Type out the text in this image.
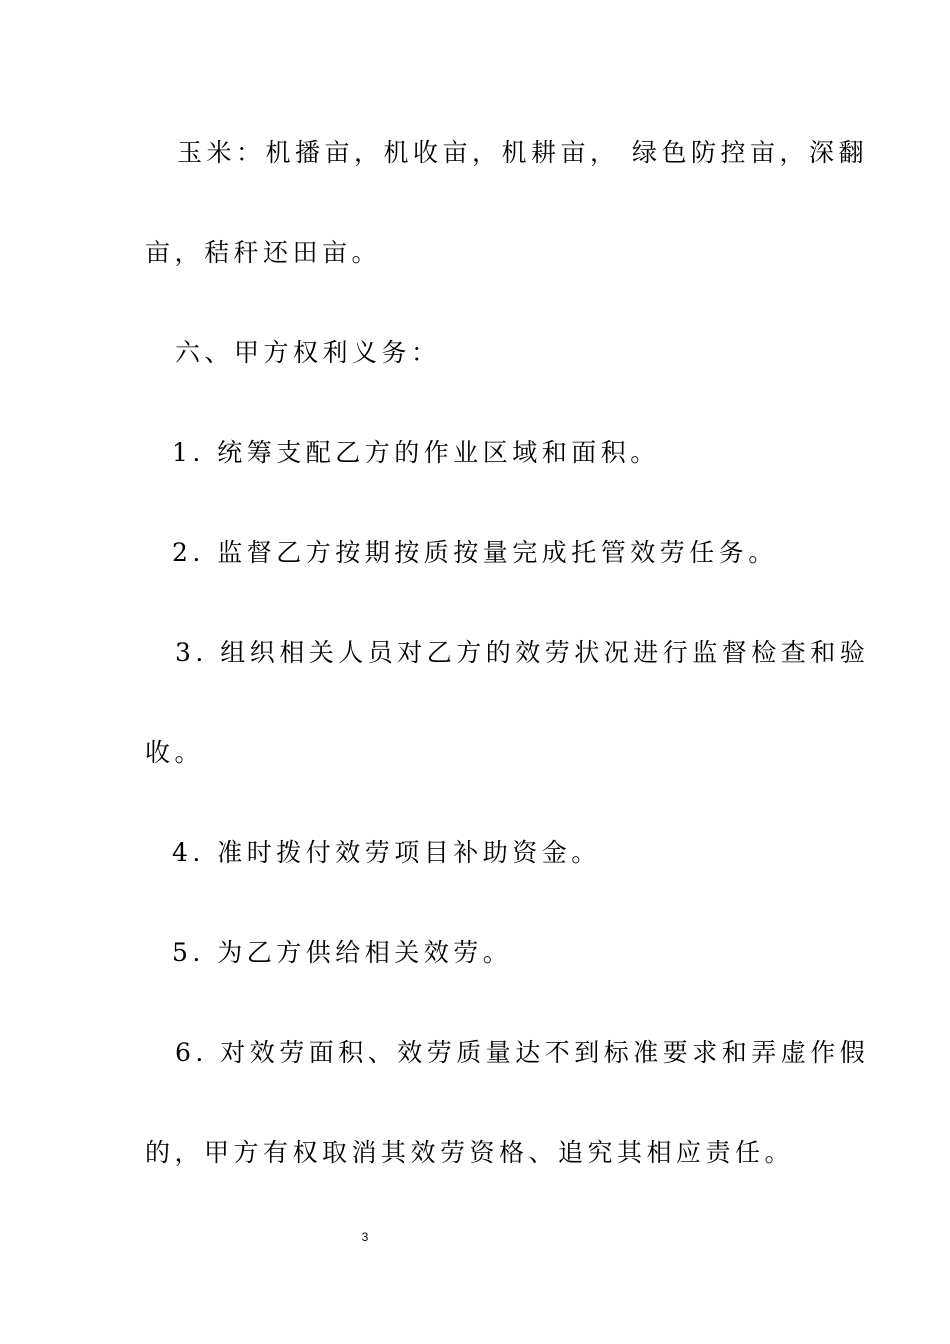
玉米：机播亩，机收亩，机耕亩， 绿色防控亩，深翻
亩，秸秆还田亩。
六、甲方权利义务：
1. 统筹支配乙方的作业区域和面积。
2. 监督乙方按期按质按量完成托管效劳任务。
3. 组织相关人员对乙方的效劳状况进行监督检查和验
收。
4. 准时拨付效劳项目补助资金。
5. 为乙方供给相关效劳。
6. 对效劳面积、效劳质量达不到标准要求和弄虚作假
的，甲方有权取消其效劳资格、追究其相应责任。
3
